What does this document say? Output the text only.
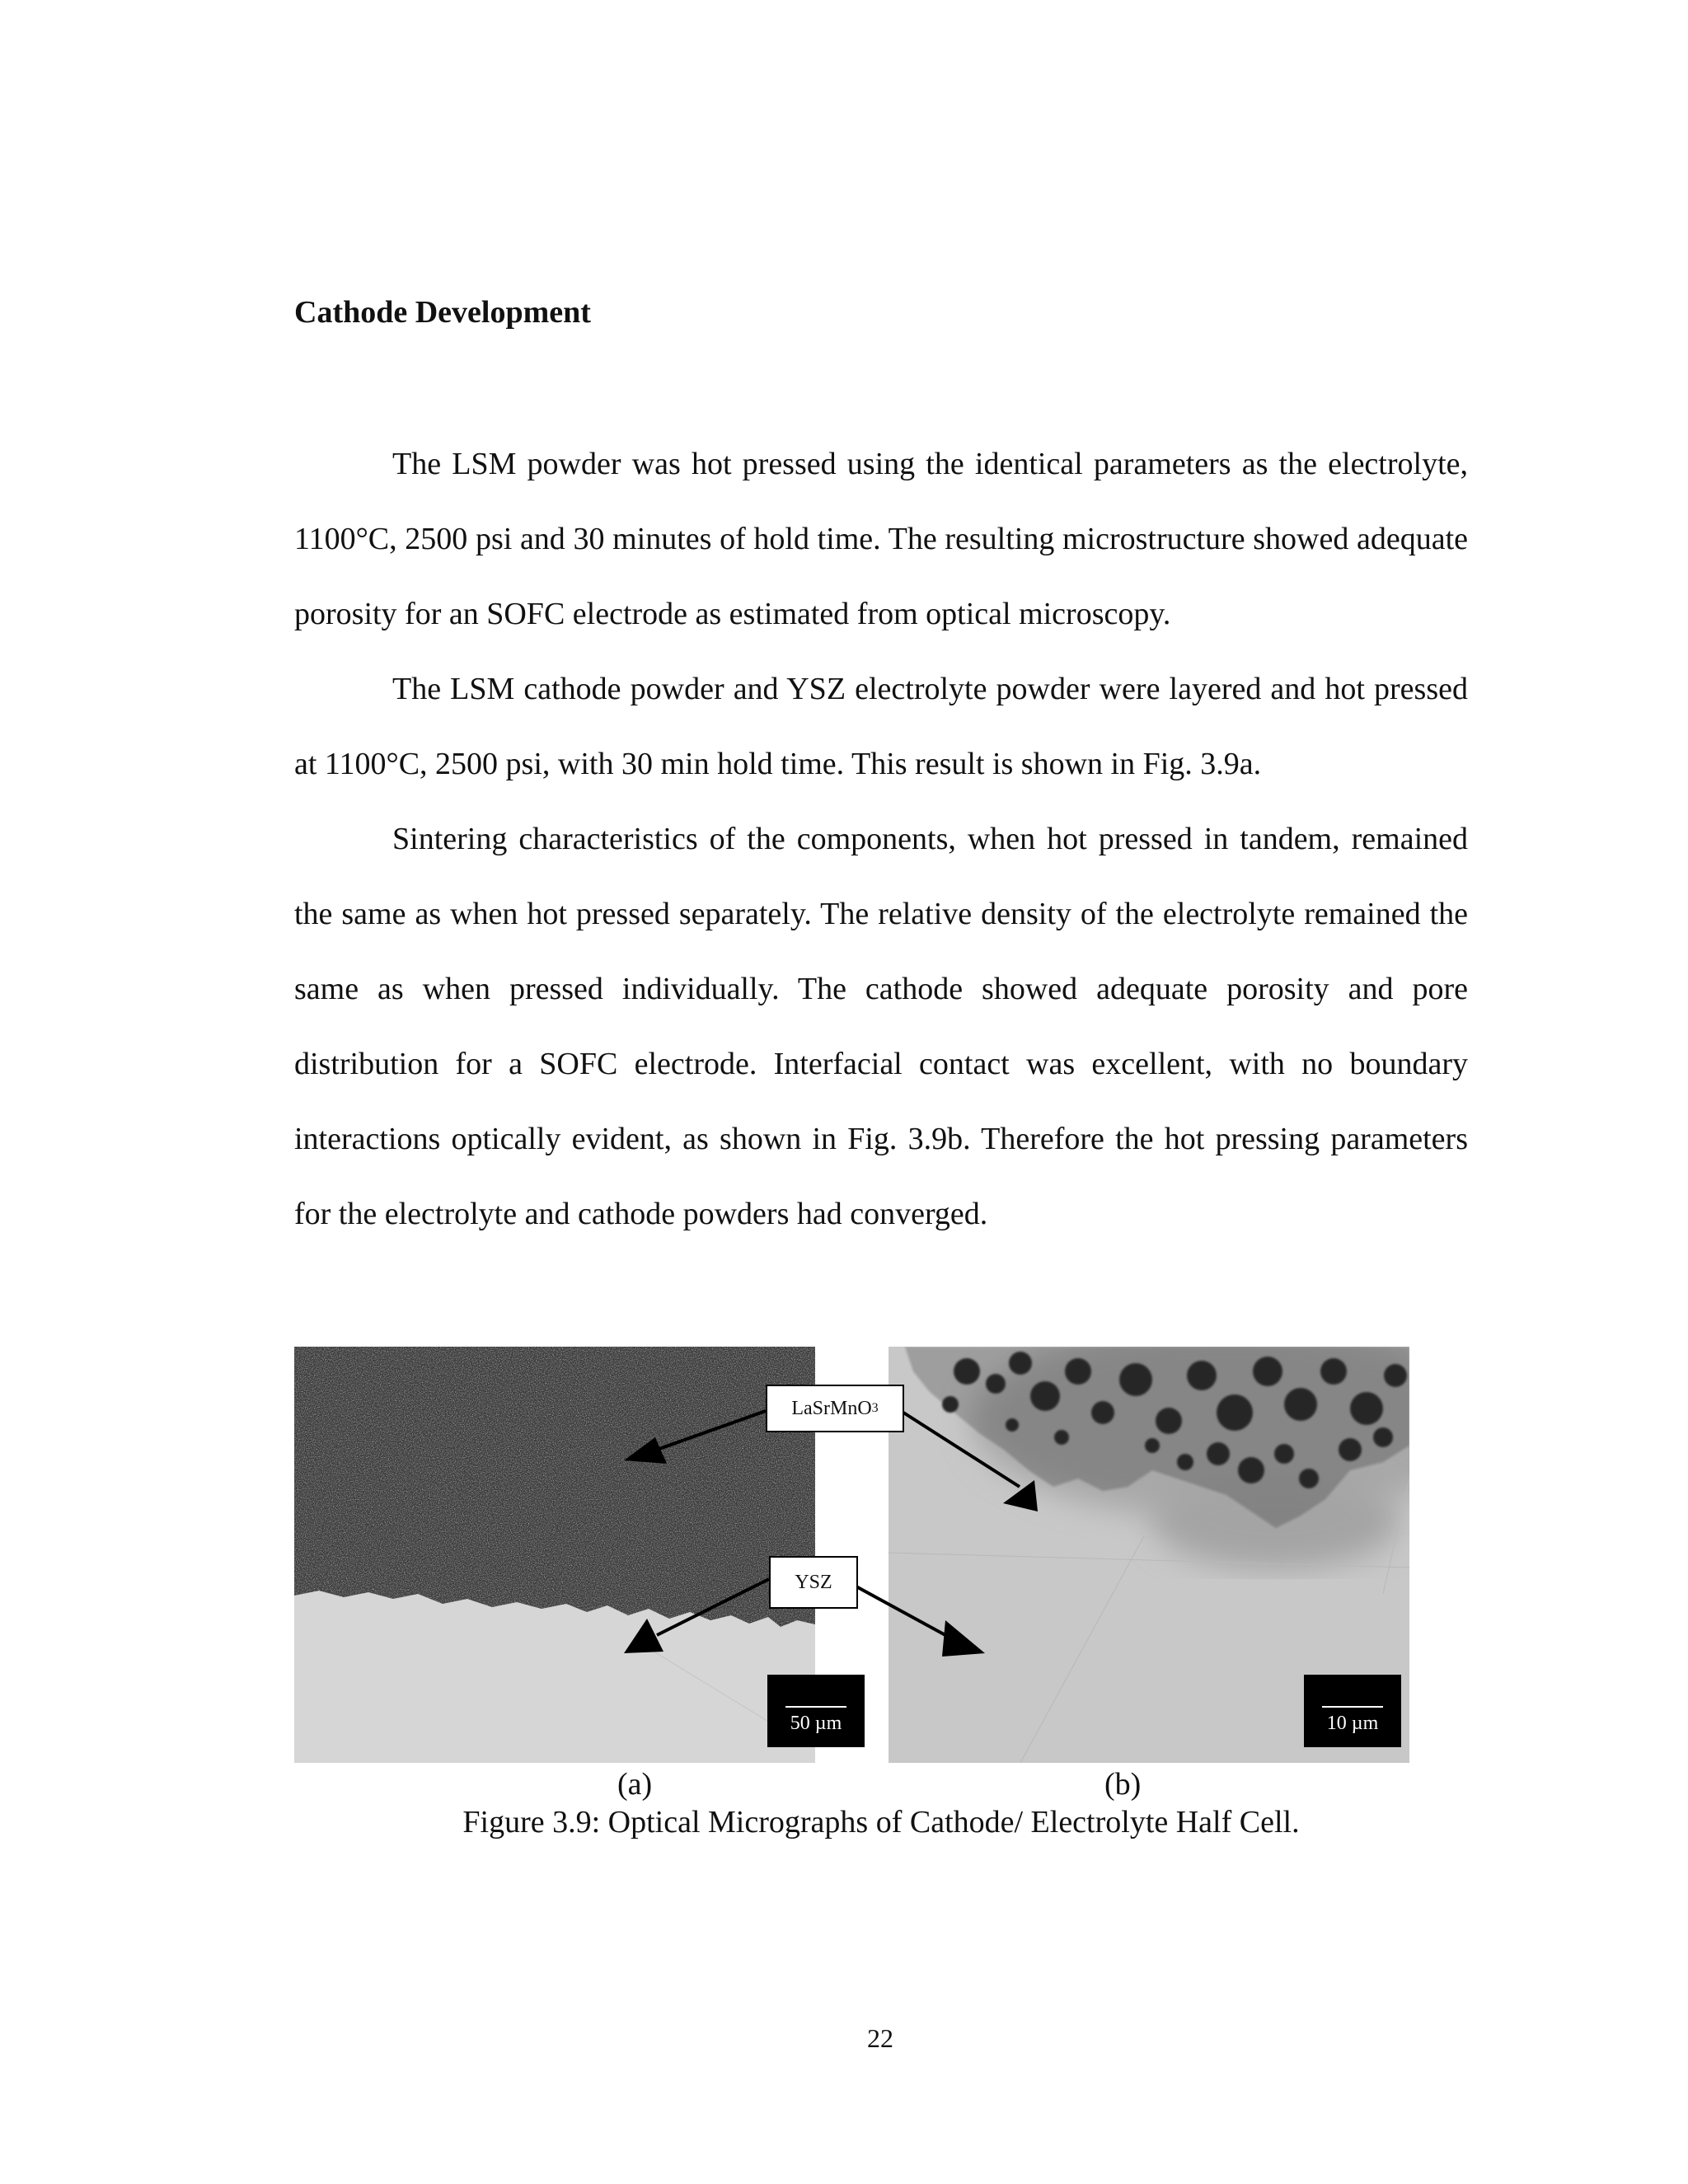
Cathode Development

The LSM powder was hot pressed using the identical parameters as the electrolyte, 1100°C, 2500 psi and 30 minutes of hold time. The resulting microstructure showed adequate porosity for an SOFC electrode as estimated from optical microscopy.

The LSM cathode powder and YSZ electrolyte powder were layered and hot pressed at 1100°C, 2500 psi, with 30 min hold time. This result is shown in Fig. 3.9a.

Sintering characteristics of the components, when hot pressed in tandem, remained the same as when hot pressed separately. The relative density of the electrolyte remained the same as when pressed individually. The cathode showed adequate porosity and pore distribution for a SOFC electrode. Interfacial contact was excellent, with no boundary interactions optically evident, as shown in Fig. 3.9b. Therefore the hot pressing parameters for the electrolyte and cathode powders had converged.

LaSrMnO 3
YSZ
50 µm	10 µm
(a)	(b)

Figure 3.9: Optical Micrographs of Cathode/ Electrolyte Half Cell.

22
